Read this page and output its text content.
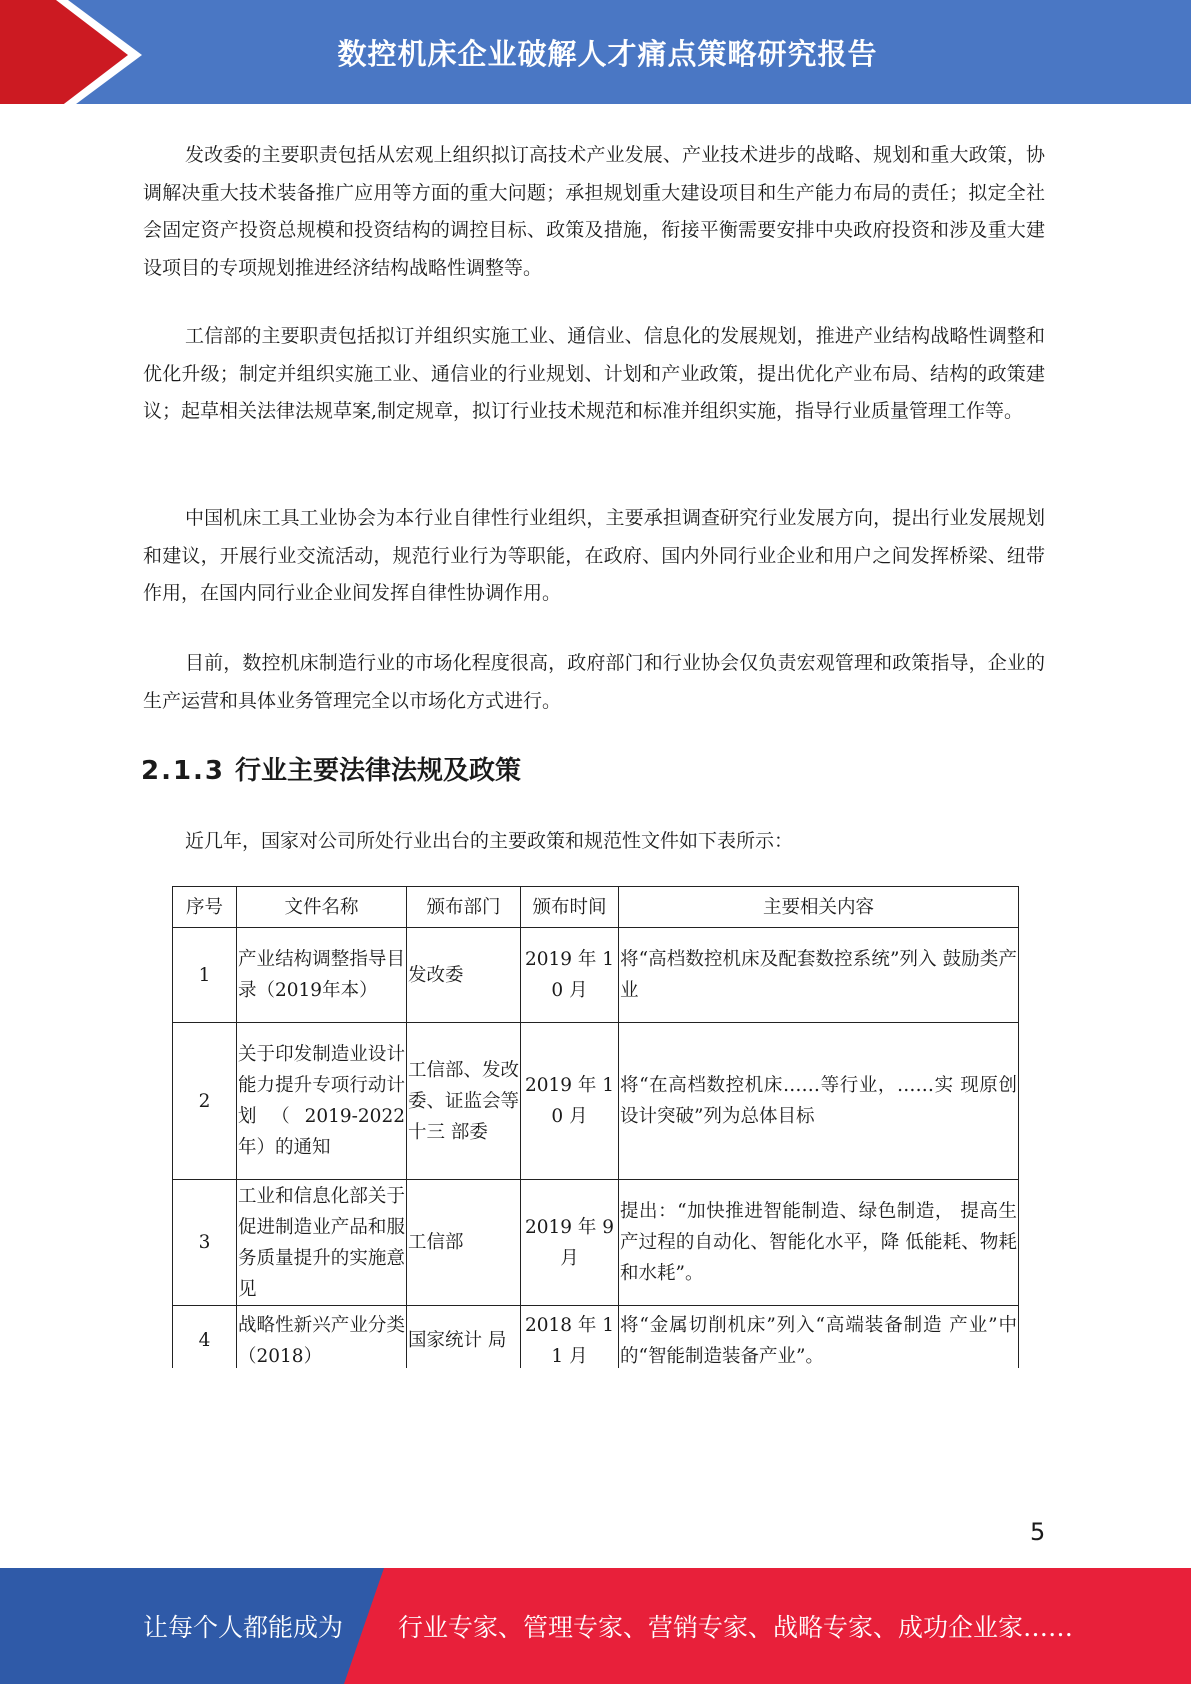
数控机床企业破解人才痛点策略研究报告

发改委的主要职责包括从宏观上组织拟订高技术产业发展、产业技术进步的战略、规划和重大政策，协调解决重大技术装备推广应用等方面的重大问题；承担规划重大建设项目和生产能力布局的责任；拟定全社会固定资产投资总规模和投资结构的调控目标、政策及措施，衔接平衡需要安排中央政府投资和涉及重大建设项目的专项规划推进经济结构战略性调整等。

工信部的主要职责包括拟订并组织实施工业、通信业、信息化的发展规划，推进产业结构战略性调整和优化升级；制定并组织实施工业、通信业的行业规划、计划和产业政策，提出优化产业布局、结构的政策建议；起草相关法律法规草案,制定规章，拟订行业技术规范和标准并组织实施，指导行业质量管理工作等。

中国机床工具工业协会为本行业自律性行业组织，主要承担调查研究行业发展方向，提出行业发展规划和建议，开展行业交流活动，规范行业行为等职能，在政府、国内外同行业企业和用户之间发挥桥梁、纽带作用，在国内同行业企业间发挥自律性协调作用。

目前，数控机床制造行业的市场化程度很高，政府部门和行业协会仅负责宏观管理和政策指导，企业的生产运营和具体业务管理完全以市场化方式进行。

2.1.3 行业主要法律法规及政策

近几年，国家对公司所处行业出台的主要政策和规范性文件如下表所示：

序号	文件名称	颁布部门	颁布时间	主要相关内容
1	产业结构调整指导目录（2019年本）	发改委	2019 年 10 月	将“高档数控机床及配套数控系统”列入 鼓励类产业
2	关于印发制造业设计能力提升专项行动计划（2019-2022 年）的通知	工信部、发改委、证监会等十三 部委	2019 年 10 月	将“在高档数控机床……等行业，……实 现原创设计突破”列为总体目标
3	工业和信息化部关于促进制造业产品和服务质量提升的实施意见	工信部	2019 年 9 月	提出：“加快推进智能制造、绿色制造， 提高生产过程的自动化、智能化水平，降 低能耗、物耗和水耗”。
4	战略性新兴产业分类（2018）	国家统计 局	2018 年 11 月	将“金属切削机床”列入“高端装备制造 产业”中的“智能制造装备产业”。
5
让每个人都能成为 行业专家、管理专家、营销专家、战略专家、成功企业家……
